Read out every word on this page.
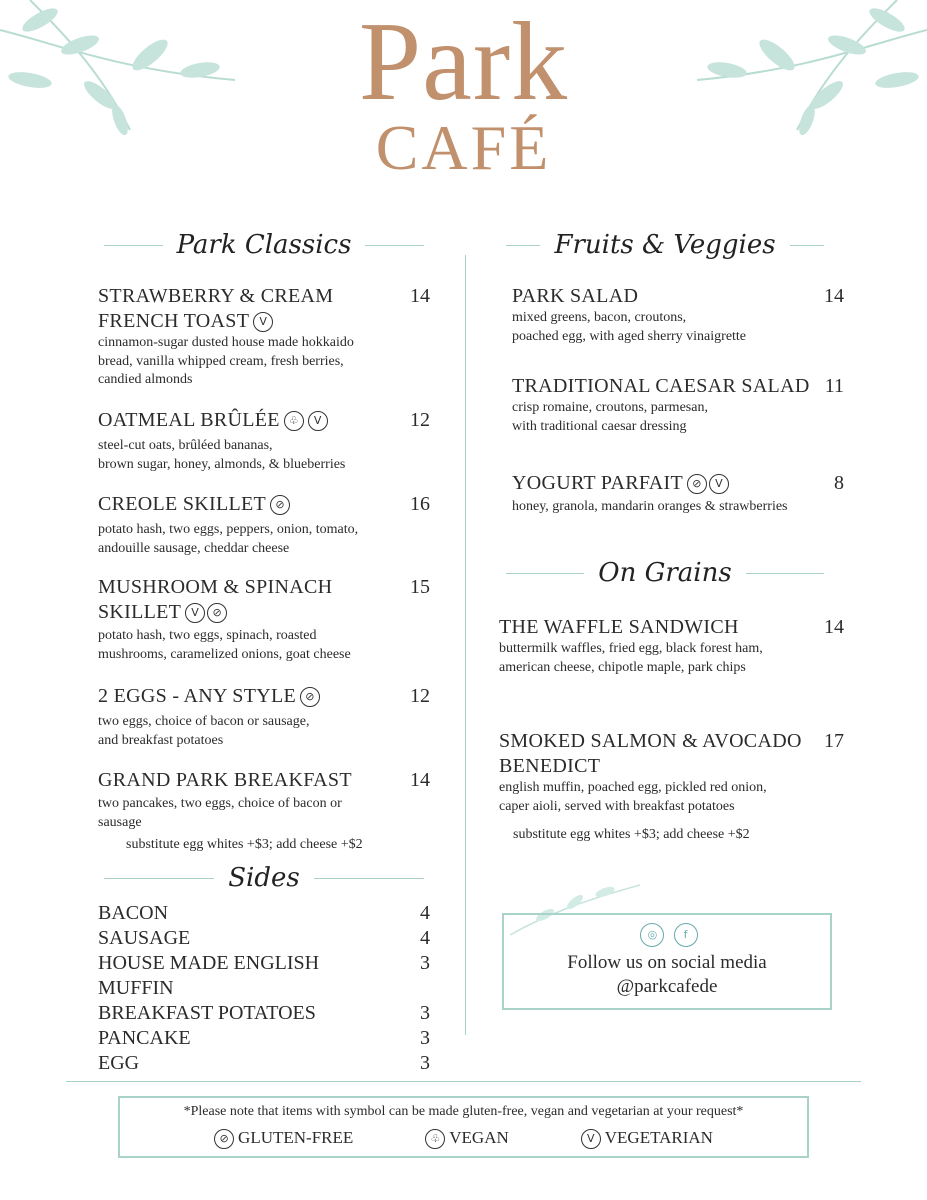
Park
CAFÉ
Park Classics
STRAWBERRY & CREAM
FRENCH TOAST V
14
cinnamon-sugar dusted house made hokkaido
bread, vanilla whipped cream, fresh berries,
candied almonds
OATMEAL BRÛLÉE ♧ V	12
steel-cut oats, brûléed bananas,
brown sugar, honey, almonds, & blueberries
CREOLE SKILLET ⊘	16
potato hash, two eggs, peppers, onion, tomato,
andouille sausage, cheddar cheese
MUSHROOM & SPINACH
SKILLET V ⊘
15
potato hash, two eggs, spinach, roasted
mushrooms, caramelized onions, goat cheese
2 EGGS - ANY STYLE ⊘	12
two eggs, choice of bacon or sausage,
and breakfast potatoes
GRAND PARK BREAKFAST	14
two pancakes, two eggs, choice of bacon or
sausage
substitute egg whites +$3; add cheese +$2
Sides
BACON	4
SAUSAGE	4
HOUSE MADE ENGLISH
MUFFIN
3
BREAKFAST POTATOES	3
PANCAKE	3
EGG	3
Fruits & Veggies
PARK SALAD	14
mixed greens, bacon, croutons,
poached egg, with aged sherry vinaigrette
TRADITIONAL CAESAR SALAD 11
crisp romaine, croutons, parmesan,
with traditional caesar dressing
YOGURT PARFAIT ⊘ V	8
honey, granola, mandarin oranges & strawberries
On Grains
THE WAFFLE SANDWICH	14
buttermilk waffles, fried egg, black forest ham,
american cheese, chipotle maple, park chips
SMOKED SALMON & AVOCADO
BENEDICT
17
english muffin, poached egg, pickled red onion,
caper aioli, served with breakfast potatoes
substitute egg whites +$3; add cheese +$2
◎ f
Follow us on social media
@parkcafede
*Please note that items with symbol can be made gluten-free, vegan and vegetarian at your request*
⊘ GLUTEN-FREE	♧ VEGAN	V VEGETARIAN
